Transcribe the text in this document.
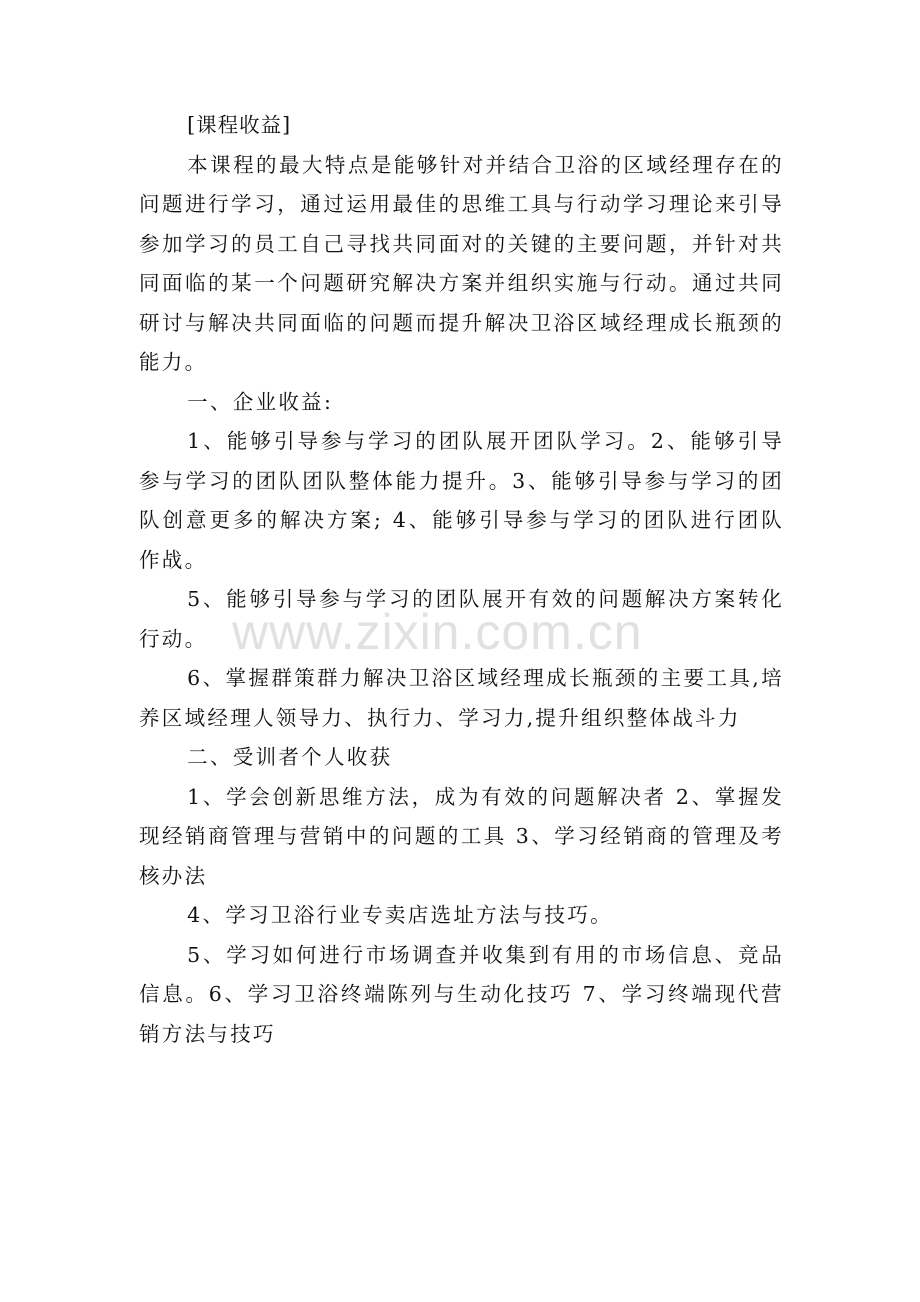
[课程收益]

本课程的最大特点是能够针对并结合卫浴的区域经理存在的问题进行学习，通过运用最佳的思维工具与行动学习理论来引导参加学习的员工自己寻找共同面对的关键的主要问题，并针对共同面临的某一个问题研究解决方案并组织实施与行动。通过共同研讨与解决共同面临的问题而提升解决卫浴区域经理成长瓶颈的能力。

一、企业收益:

1、能够引导参与学习的团队展开团队学习。2、能够引导参与学习的团队团队整体能力提升。3、能够引导参与学习的团队创意更多的解决方案; 4、能够引导参与学习的团队进行团队作战。

5、能够引导参与学习的团队展开有效的问题解决方案转化行动。

6、掌握群策群力解决卫浴区域经理成长瓶颈的主要工具,培养区域经理人领导力、执行力、学习力,提升组织整体战斗力

二、受训者个人收获

1、学会创新思维方法，成为有效的问题解决者 2、掌握发现经销商管理与营销中的问题的工具 3、学习经销商的管理及考核办法

4、学习卫浴行业专卖店选址方法与技巧。

5、学习如何进行市场调查并收集到有用的市场信息、竞品信息。6、学习卫浴终端陈列与生动化技巧 7、学习终端现代营销方法与技巧

www.zixin.com.cn
